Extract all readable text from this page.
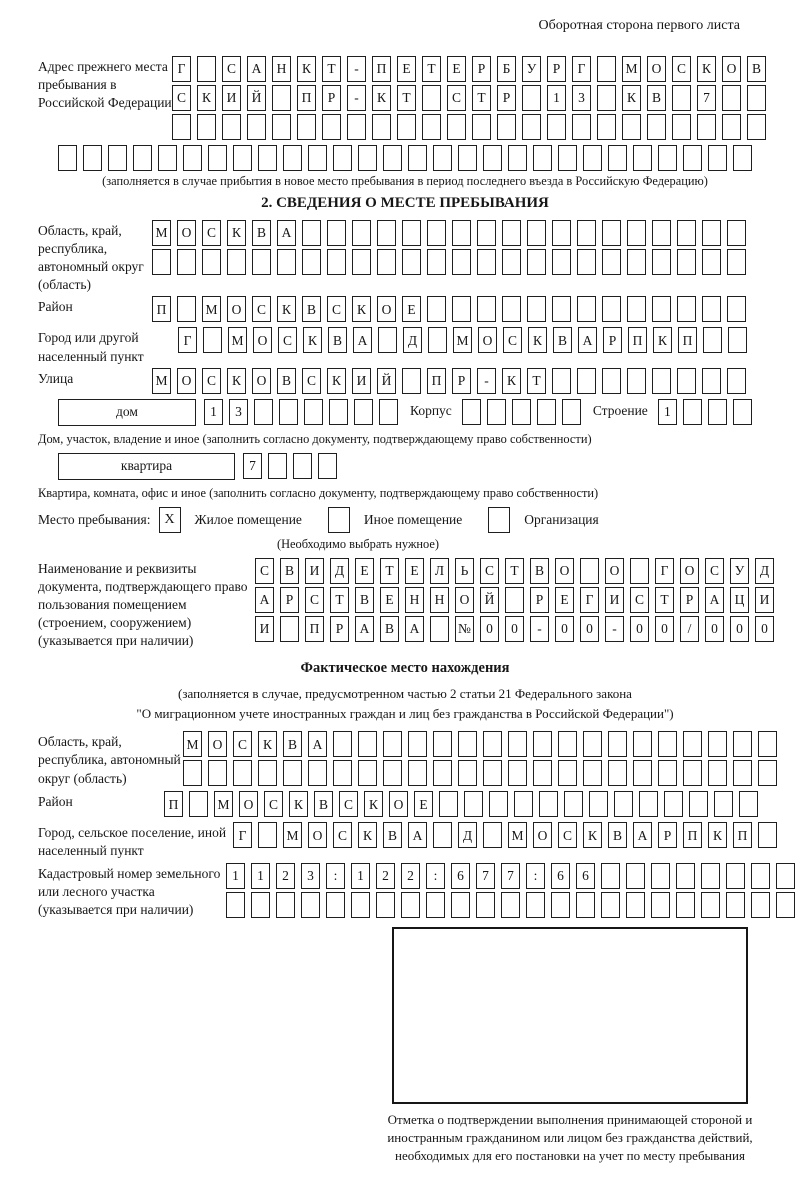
Оборотная сторона первого листа
Адрес прежнего места пребывания в Российской Федерации
Г	С	А	Н	К	Т	-	П	Е	Т	Е	Р	Б	У	Р	Г	М	О	С	К	О	В
С	К	И	Й	П	Р	-	К	Т	С	Т	Р	1	3	К	В	7
(заполняется в случае прибытия в новое место пребывания в период последнего въезда в Российскую Федерацию)
2. СВЕДЕНИЯ О МЕСТЕ ПРЕБЫВАНИЯ
Область, край, республика, автономный округ (область)
М	О	С	К	В	А
Район	П	М	О	С	К	В	С	К	О	Е
Город или другой населенный пункт
Г	М	О	С	К	В	А	Д	М	О	С	К	В	А	Р	П	К	П
Улица	М	О	С	К	О	В	С	К	И	Й	П	Р	-	К	Т
дом	1	3	Корпус	Строение	1
Дом, участок, владение и иное (заполнить согласно документу, подтверждающему право собственности)
квартира	7
Квартира, комната, офис и иное (заполнить согласно документу, подтверждающему право собственности)
Место пребывания: X	Жилое помещение	Иное помещение	Организация
(Необходимо выбрать нужное)
Наименование и реквизиты документа, подтверждающего право пользования помещением (строением, сооружением) (указывается при наличии)
С	В	И	Д	Е	Т	Е	Л	Ь	С	Т	В	О	О	Г	О	С	У	Д
А	Р	С	Т	В	Е	Н	Н	О	Й	Р	Е	Г	И	С	Т	Р	А	Ц	И
И	П	Р	А	В	А	№	0	0	-	0	0	-	0	0	/	0	0	0
Фактическое место нахождения
(заполняется в случае, предусмотренном частью 2 статьи 21 Федерального закона
"О миграционном учете иностранных граждан и лиц без гражданства в Российской Федерации")
Область, край, республика, автономный округ (область)
М	О	С	К	В	А
Район	П	М	О	С	К	В	С	К	О	Е
Город, сельское поселение, иной населенный пункт
Г	М	О	С	К	В	А	Д	М	О	С	К	В	А	Р	П	К	П
Кадастровый номер земельного или лесного участка (указывается при наличии)
1	1	2	3	:	1	2	2	:	6	7	7	:	6	6
Отметка о подтверждении выполнения принимающей стороной и иностранным гражданином или лицом без гражданства действий, необходимых для его постановки на учет по месту пребывания
